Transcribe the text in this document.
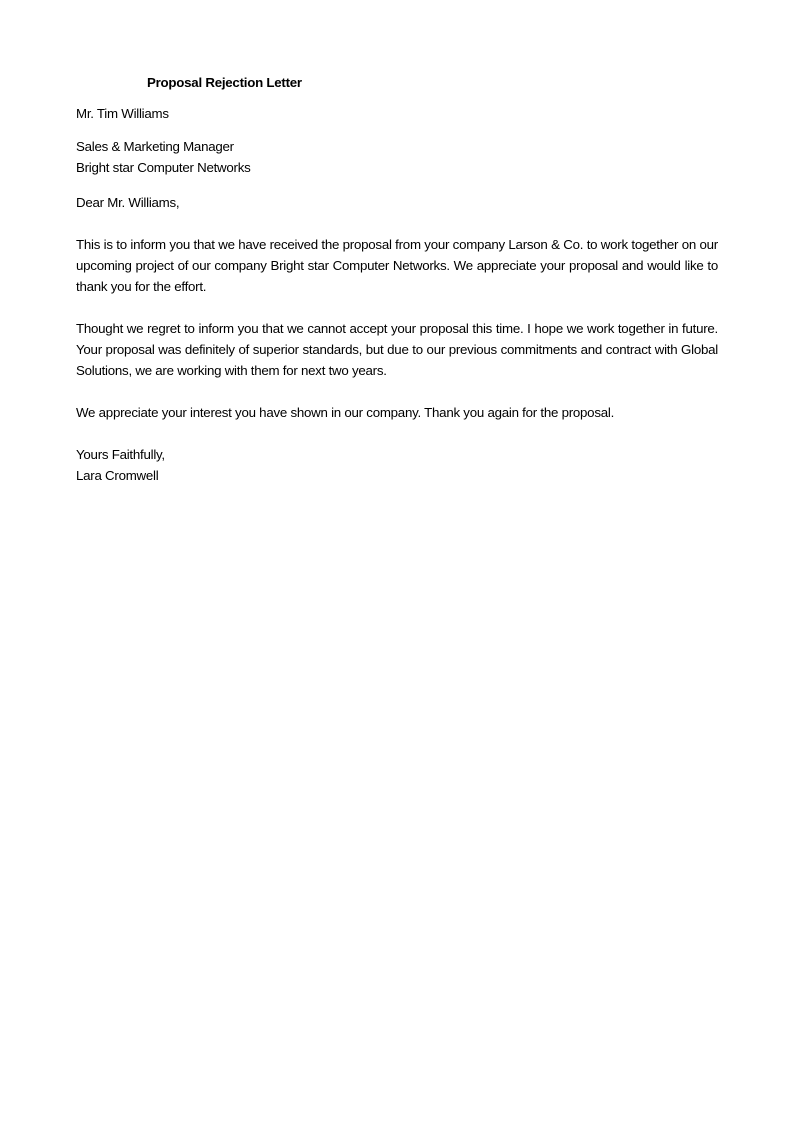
Proposal Rejection Letter

Mr. Tim Williams

Sales & Marketing Manager

Bright star Computer Networks

Dear Mr. Williams,

This is to inform you that we have received the proposal from your company Larson & Co. to work together on our upcoming project of our company Bright star Computer Networks. We appreciate your proposal and would like to thank you for the effort.

Thought we regret to inform you that we cannot accept your proposal this time. I hope we work together in future. Your proposal was definitely of superior standards, but due to our previous commitments and contract with Global Solutions, we are working with them for next two years.

We appreciate your interest you have shown in our company. Thank you again for the proposal.

Yours Faithfully,

Lara Cromwell
